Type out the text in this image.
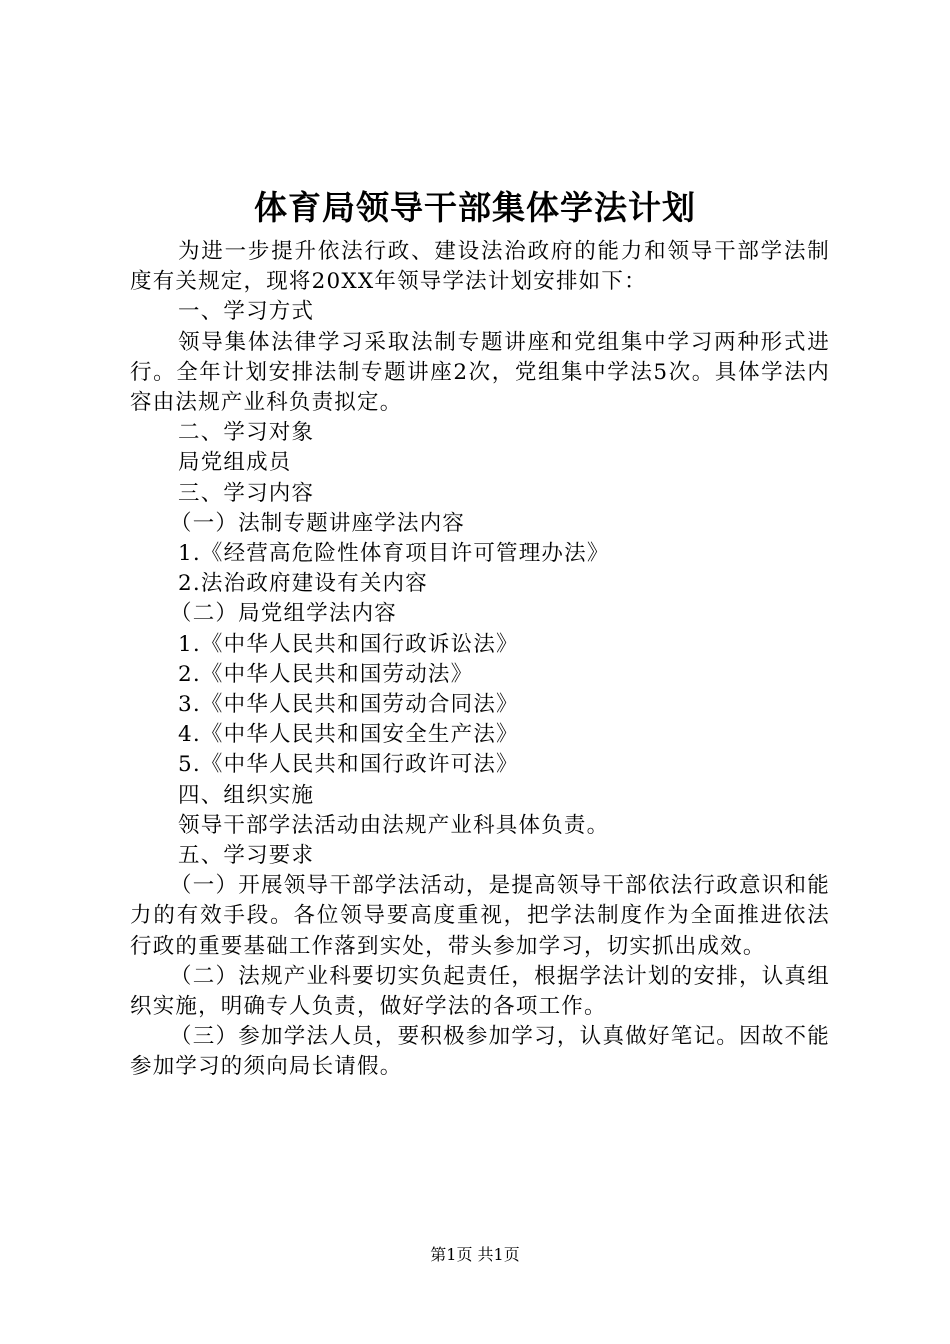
体育局领导干部集体学法计划

为进一步提升依法行政、建设法治政府的能力和领导干部学法制度有关规定，现将20XX年领导学法计划安排如下：

一、学习方式

领导集体法律学习采取法制专题讲座和党组集中学习两种形式进行。全年计划安排法制专题讲座2次，党组集中学法5次。具体学法内容由法规产业科负责拟定。

二、学习对象

局党组成员

三、学习内容

（一）法制专题讲座学法内容

1.《经营高危险性体育项目许可管理办法》

2.法治政府建设有关内容

（二）局党组学法内容

1.《中华人民共和国行政诉讼法》

2.《中华人民共和国劳动法》

3.《中华人民共和国劳动合同法》

4.《中华人民共和国安全生产法》

5.《中华人民共和国行政许可法》

四、组织实施

领导干部学法活动由法规产业科具体负责。

五、学习要求

（一）开展领导干部学法活动，是提高领导干部依法行政意识和能力的有效手段。各位领导要高度重视，把学法制度作为全面推进依法行政的重要基础工作落到实处，带头参加学习，切实抓出成效。

（二）法规产业科要切实负起责任，根据学法计划的安排，认真组织实施，明确专人负责，做好学法的各项工作。

（三）参加学法人员，要积极参加学习，认真做好笔记。因故不能参加学习的须向局长请假。

第1页 共1页
